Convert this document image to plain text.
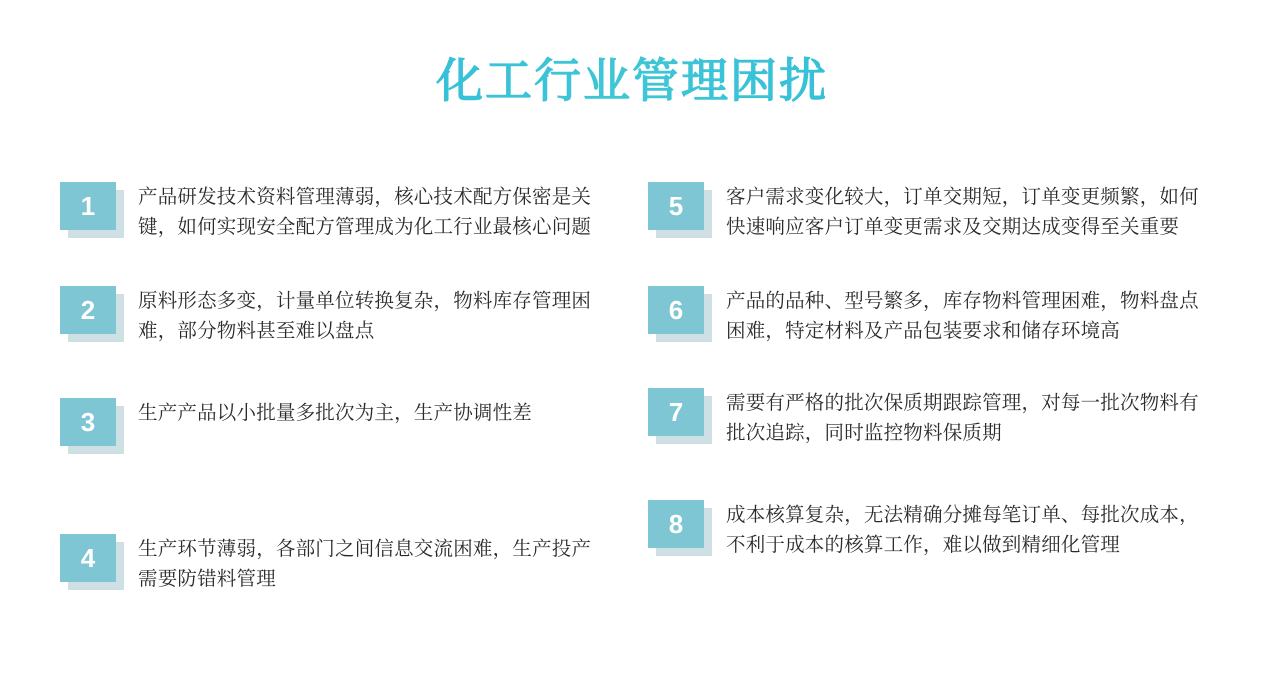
化工行业管理困扰
1	产品研发技术资料管理薄弱，核心技术配方保密是关键，如何实现安全配方管理成为化工行业最核心问题
2	原料形态多变，计量单位转换复杂，物料库存管理困难，部分物料甚至难以盘点
3	生产产品以小批量多批次为主，生产协调性差
4	生产环节薄弱，各部门之间信息交流困难，生产投产需要防错料管理
5	客户需求变化较大，订单交期短，订单变更频繁，如何快速响应客户订单变更需求及交期达成变得至关重要
6	产品的品种、型号繁多，库存物料管理困难，物料盘点困难，特定材料及产品包装要求和储存环境高
7	需要有严格的批次保质期跟踪管理，对每一批次物料有批次追踪，同时监控物料保质期
8	成本核算复杂，无法精确分摊每笔订单、每批次成本，不利于成本的核算工作，难以做到精细化管理
